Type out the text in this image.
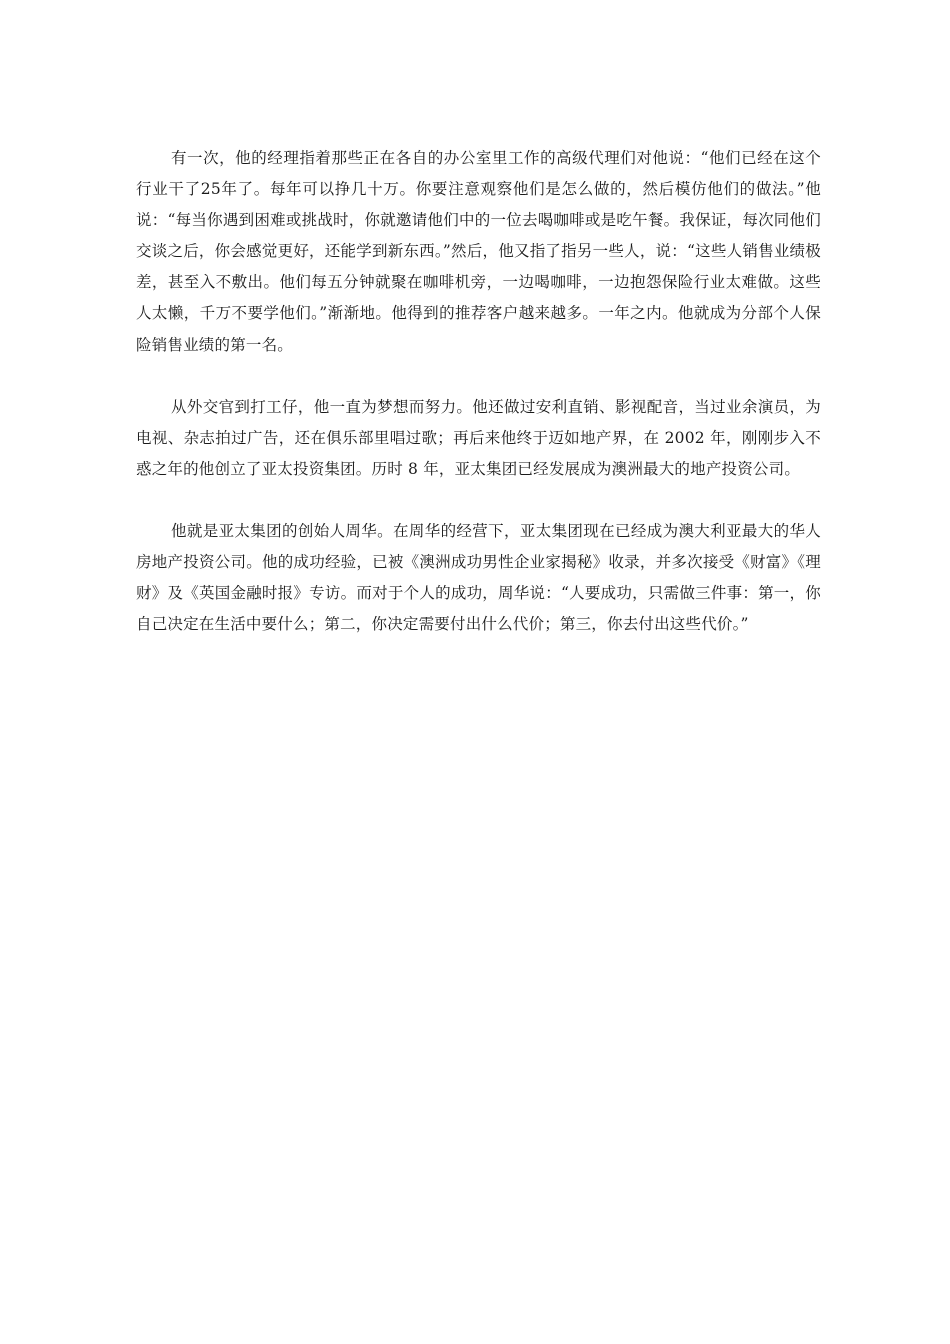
有一次，他的经理指着那些正在各自的办公室里工作的高级代理们对他说：“他们已经在这个行业干了25年了。每年可以挣几十万。你要注意观察他们是怎么做的，然后模仿他们的做法。”他说：“每当你遇到困难或挑战时，你就邀请他们中的一位去喝咖啡或是吃午餐。我保证，每次同他们交谈之后，你会感觉更好，还能学到新东西。”然后，他又指了指另一些人，说：“这些人销售业绩极差，甚至入不敷出。他们每五分钟就聚在咖啡机旁，一边喝咖啡，一边抱怨保险行业太难做。这些人太懒，千万不要学他们。”渐渐地。他得到的推荐客户越来越多。一年之内。他就成为分部个人保险销售业绩的第一名。

从外交官到打工仔，他一直为梦想而努力。他还做过安利直销、影视配音，当过业余演员，为电视、杂志拍过广告，还在俱乐部里唱过歌；再后来他终于迈如地产界，在 2002 年，刚刚步入不惑之年的他创立了亚太投资集团。历时 8 年，亚太集团已经发展成为澳洲最大的地产投资公司。

他就是亚太集团的创始人周华。在周华的经营下，亚太集团现在已经成为澳大利亚最大的华人房地产投资公司。他的成功经验，已被《澳洲成功男性企业家揭秘》收录，并多次接受《财富》《理财》及《英国金融时报》专访。而对于个人的成功，周华说：“人要成功，只需做三件事：第一，你自己决定在生活中要什么；第二，你决定需要付出什么代价；第三，你去付出这些代价。”
